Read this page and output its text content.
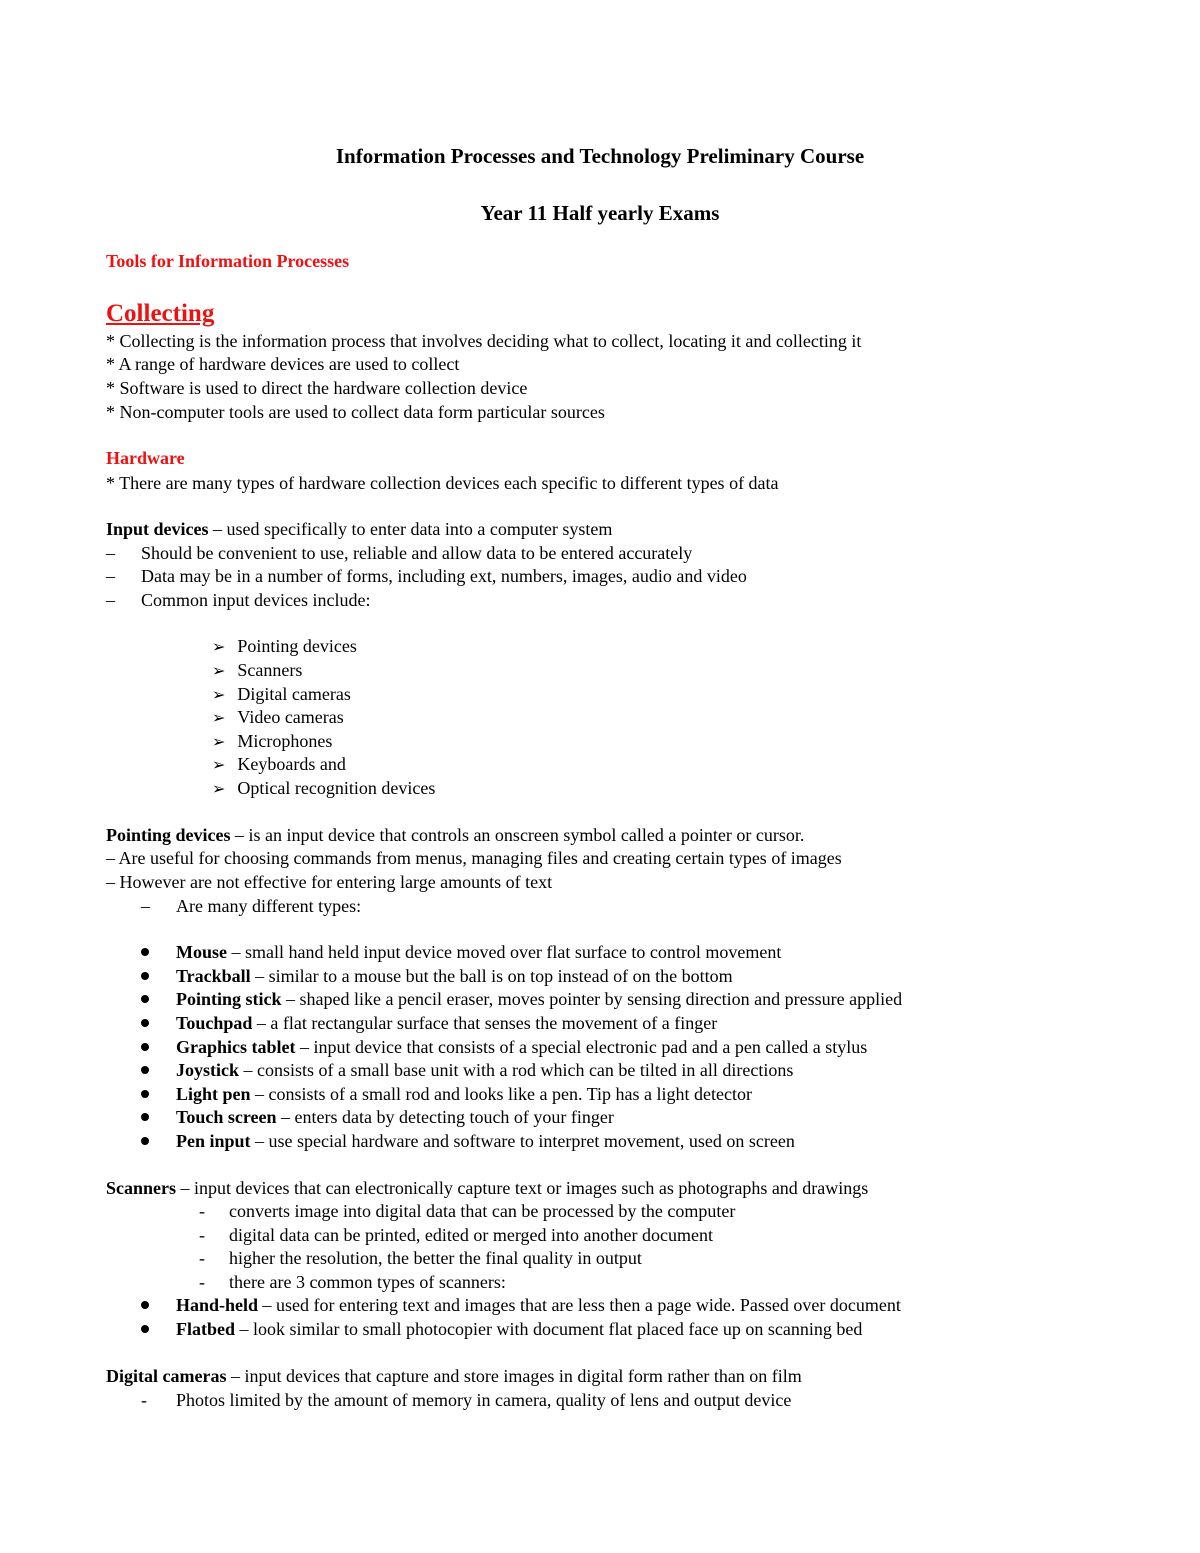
Information Processes and Technology Preliminary Course
Year 11 Half yearly Exams
Tools for Information Processes
Collecting
* Collecting is the information process that involves deciding what to collect, locating it and collecting it
* A range of hardware devices are used to collect
* Software is used to direct the hardware collection device
* Non-computer tools are used to collect data form particular sources
Hardware
* There are many types of hardware collection devices each specific to different types of data
Input devices – used specifically to enter data into a computer system
– Should be convenient to use, reliable and allow data to be entered accurately
– Data may be in a number of forms, including ext, numbers, images, audio and video
– Common input devices include:
➢ Pointing devices
➢ Scanners
➢ Digital cameras
➢ Video cameras
➢ Microphones
➢ Keyboards and
➢ Optical recognition devices
Pointing devices – is an input device that controls an onscreen symbol called a pointer or cursor.
– Are useful for choosing commands from menus, managing files and creating certain types of images
– However are not effective for entering large amounts of text
– Are many different types:
Mouse – small hand held input device moved over flat surface to control movement
Trackball – similar to a mouse but the ball is on top instead of on the bottom
Pointing stick – shaped like a pencil eraser, moves pointer by sensing direction and pressure applied
Touchpad – a flat rectangular surface that senses the movement of a finger
Graphics tablet – input device that consists of a special electronic pad and a pen called a stylus
Joystick – consists of a small base unit with a rod which can be tilted in all directions
Light pen – consists of a small rod and looks like a pen. Tip has a light detector
Touch screen – enters data by detecting touch of your finger
Pen input – use special hardware and software to interpret movement, used on screen
Scanners – input devices that can electronically capture text or images such as photographs and drawings
- converts image into digital data that can be processed by the computer
- digital data can be printed, edited or merged into another document
- higher the resolution, the better the final quality in output
- there are 3 common types of scanners:
Hand-held – used for entering text and images that are less then a page wide. Passed over document
Flatbed – look similar to small photocopier with document flat placed face up on scanning bed
Digital cameras – input devices that capture and store images in digital form rather than on film
- Photos limited by the amount of memory in camera, quality of lens and output device
